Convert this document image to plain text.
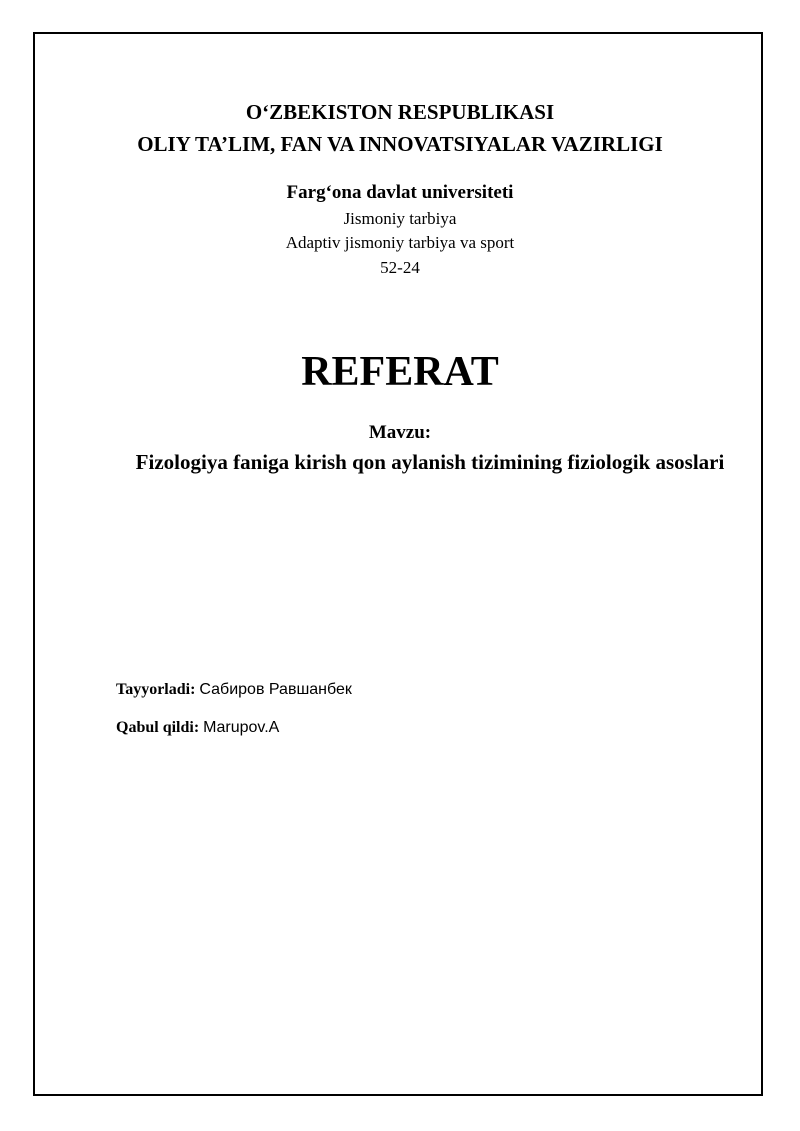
O‘ZBEKISTON RESPUBLIKASI
OLIY TA’LIM, FAN VA INNOVATSIYALAR VAZIRLIGI
Farg‘ona davlat universiteti
Jismoniy tarbiya
Adaptiv jismoniy tarbiya va sport
52-24
REFERAT
Mavzu:
Fizologiya faniga kirish qon aylanish tizimining fiziologik asoslari
Tayyorladi: Сабиров Равшанбек
Qabul qildi: Marupov.A
